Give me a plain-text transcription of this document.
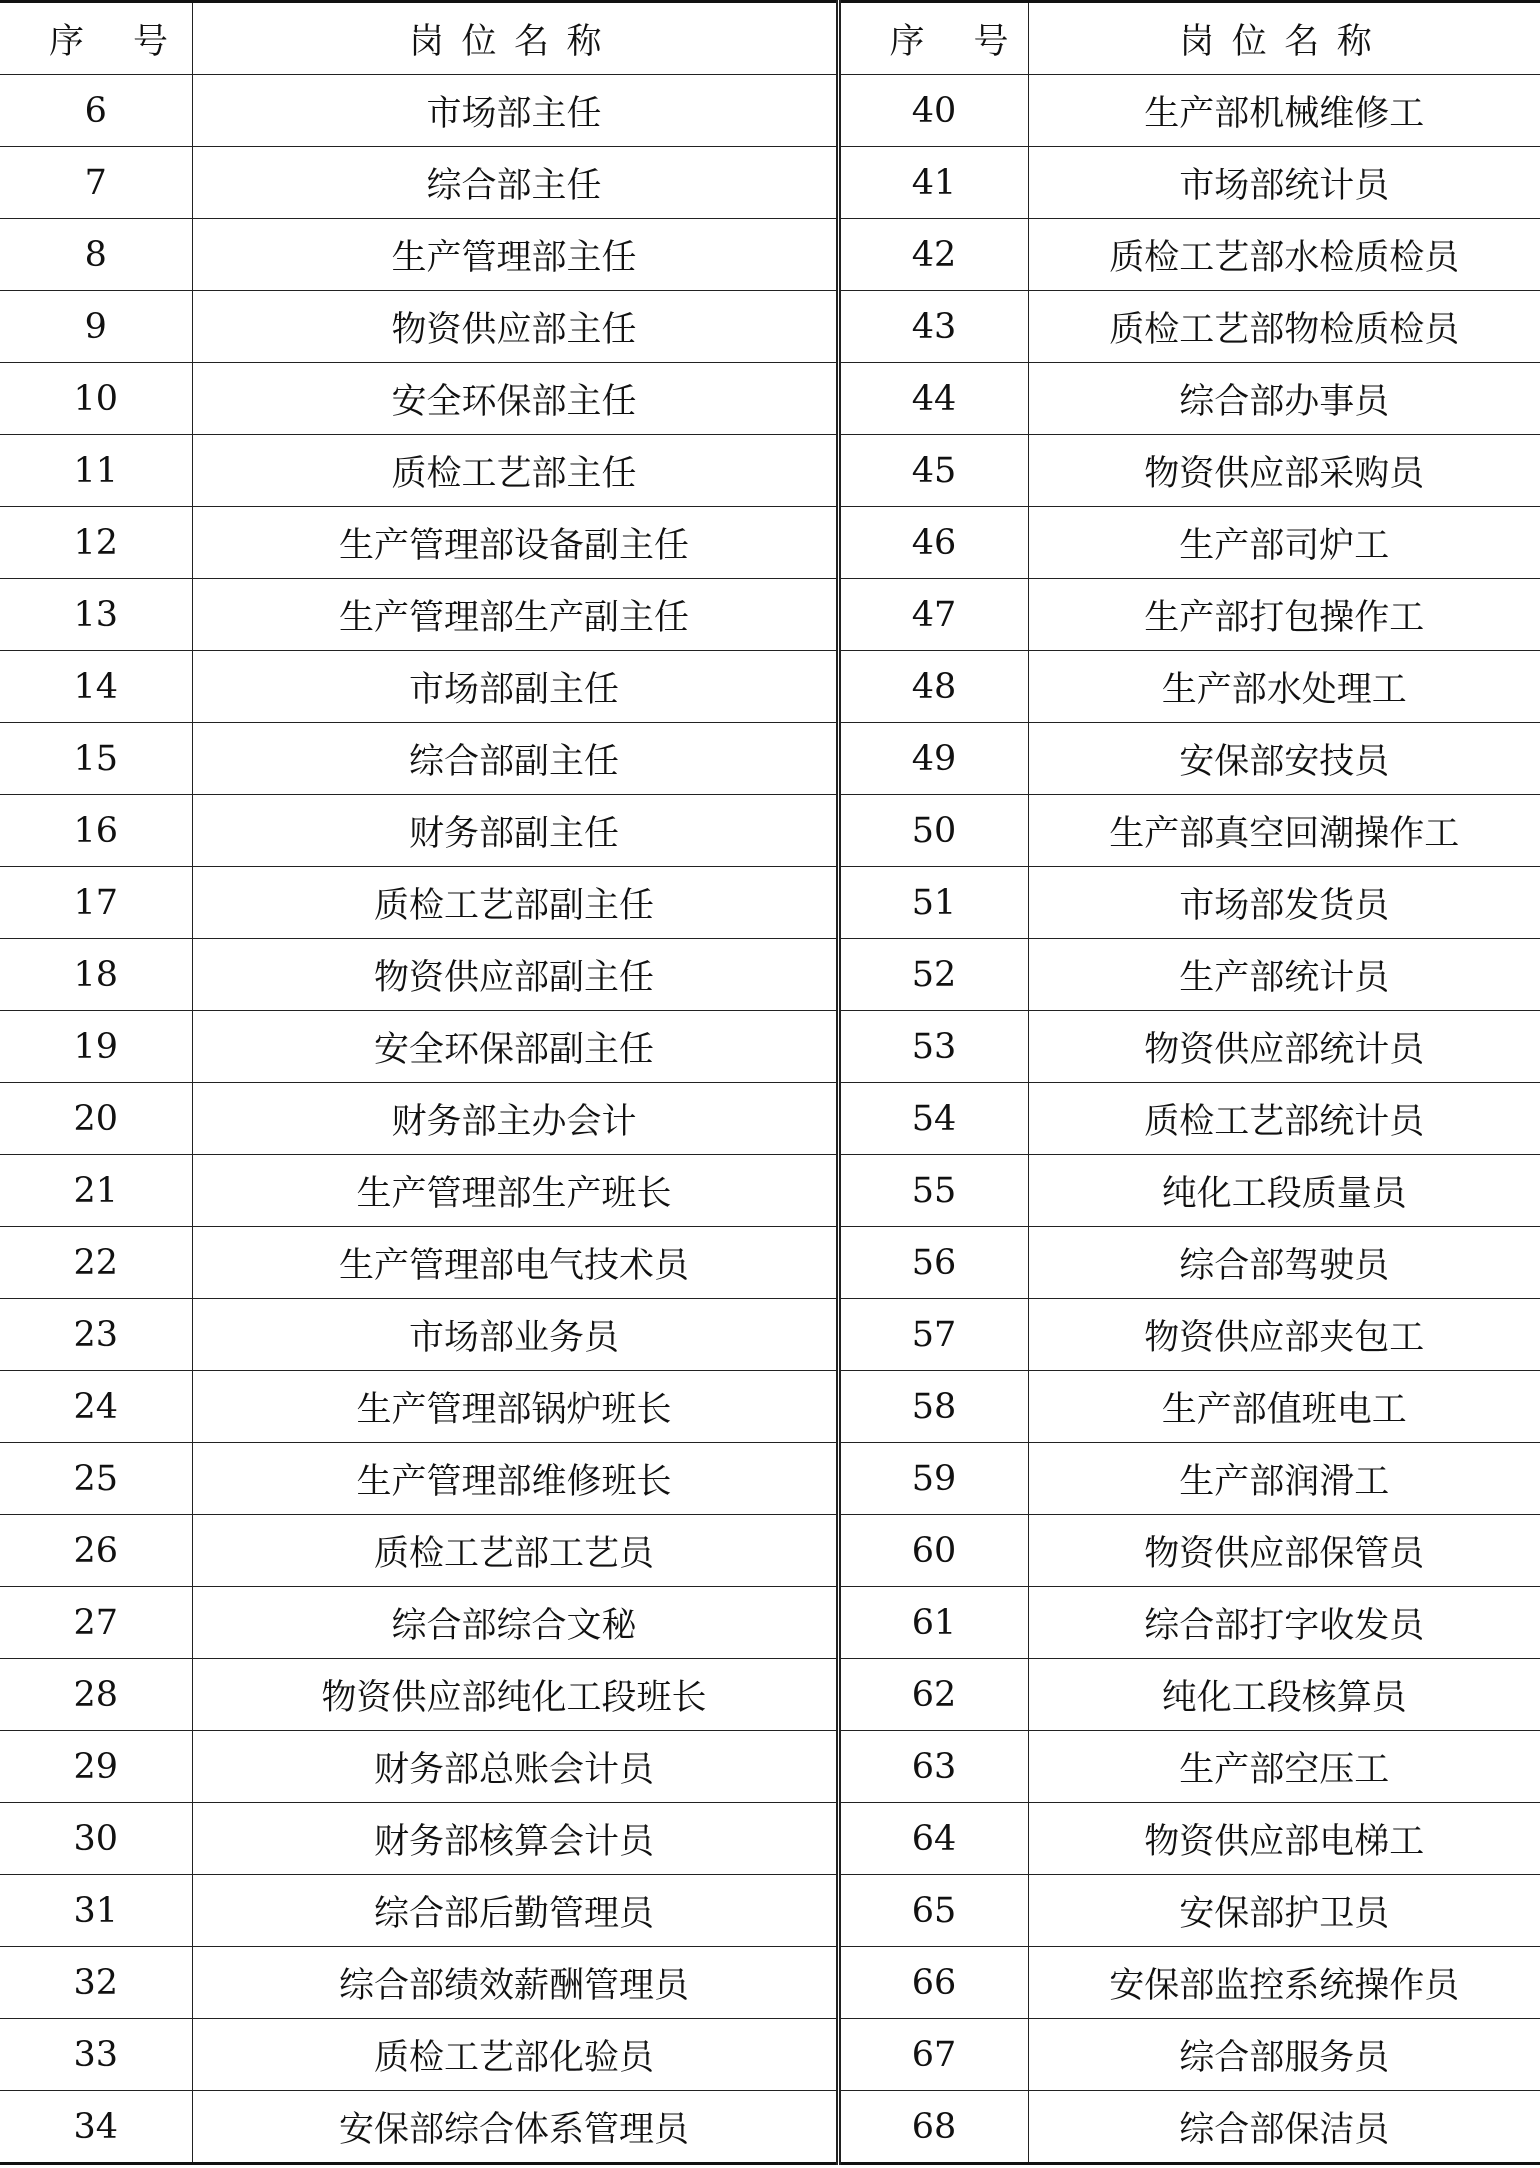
序号	岗位名称	序号	岗位名称
6	市场部主任	40	生产部机械维修工
7	综合部主任	41	市场部统计员
8	生产管理部主任	42	质检工艺部水检质检员
9	物资供应部主任	43	质检工艺部物检质检员
10	安全环保部主任	44	综合部办事员
11	质检工艺部主任	45	物资供应部采购员
12	生产管理部设备副主任	46	生产部司炉工
13	生产管理部生产副主任	47	生产部打包操作工
14	市场部副主任	48	生产部水处理工
15	综合部副主任	49	安保部安技员
16	财务部副主任	50	生产部真空回潮操作工
17	质检工艺部副主任	51	市场部发货员
18	物资供应部副主任	52	生产部统计员
19	安全环保部副主任	53	物资供应部统计员
20	财务部主办会计	54	质检工艺部统计员
21	生产管理部生产班长	55	纯化工段质量员
22	生产管理部电气技术员	56	综合部驾驶员
23	市场部业务员	57	物资供应部夹包工
24	生产管理部锅炉班长	58	生产部值班电工
25	生产管理部维修班长	59	生产部润滑工
26	质检工艺部工艺员	60	物资供应部保管员
27	综合部综合文秘	61	综合部打字收发员
28	物资供应部纯化工段班长	62	纯化工段核算员
29	财务部总账会计员	63	生产部空压工
30	财务部核算会计员	64	物资供应部电梯工
31	综合部后勤管理员	65	安保部护卫员
32	综合部绩效薪酬管理员	66	安保部监控系统操作员
33	质检工艺部化验员	67	综合部服务员
34	安保部综合体系管理员	68	综合部保洁员
